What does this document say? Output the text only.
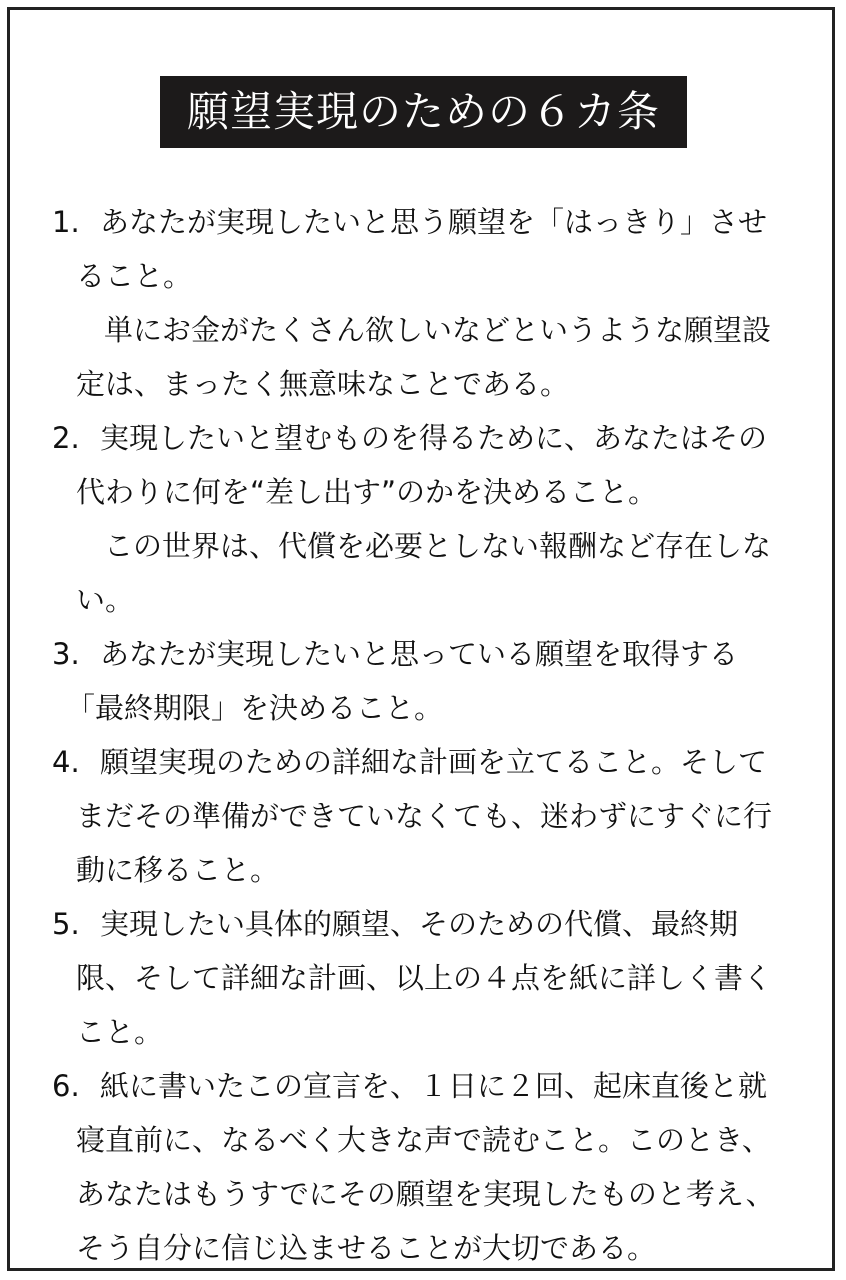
願望実現のための６カ条
1. あなたが実現したいと思う願望を「はっきり」させ
ること。
単にお金がたくさん欲しいなどというような願望設
定は、まったく無意味なことである。
2. 実現したいと望むものを得るために、あなたはその
代わりに何を“差し出す”のかを決めること。
この世界は、代償を必要としない報酬など存在しな
い。
3. あなたが実現したいと思っている願望を取得する
「最終期限」を決めること。
4. 願望実現のための詳細な計画を立てること。そして
まだその準備ができていなくても、迷わずにすぐに行
動に移ること。
5. 実現したい具体的願望、そのための代償、最終期
限、そして詳細な計画、以上の４点を紙に詳しく書く
こと。
6. 紙に書いたこの宣言を、１日に２回、起床直後と就
寝直前に、なるべく大きな声で読むこと。このとき、
あなたはもうすでにその願望を実現したものと考え、
そう自分に信じ込ませることが大切である。
